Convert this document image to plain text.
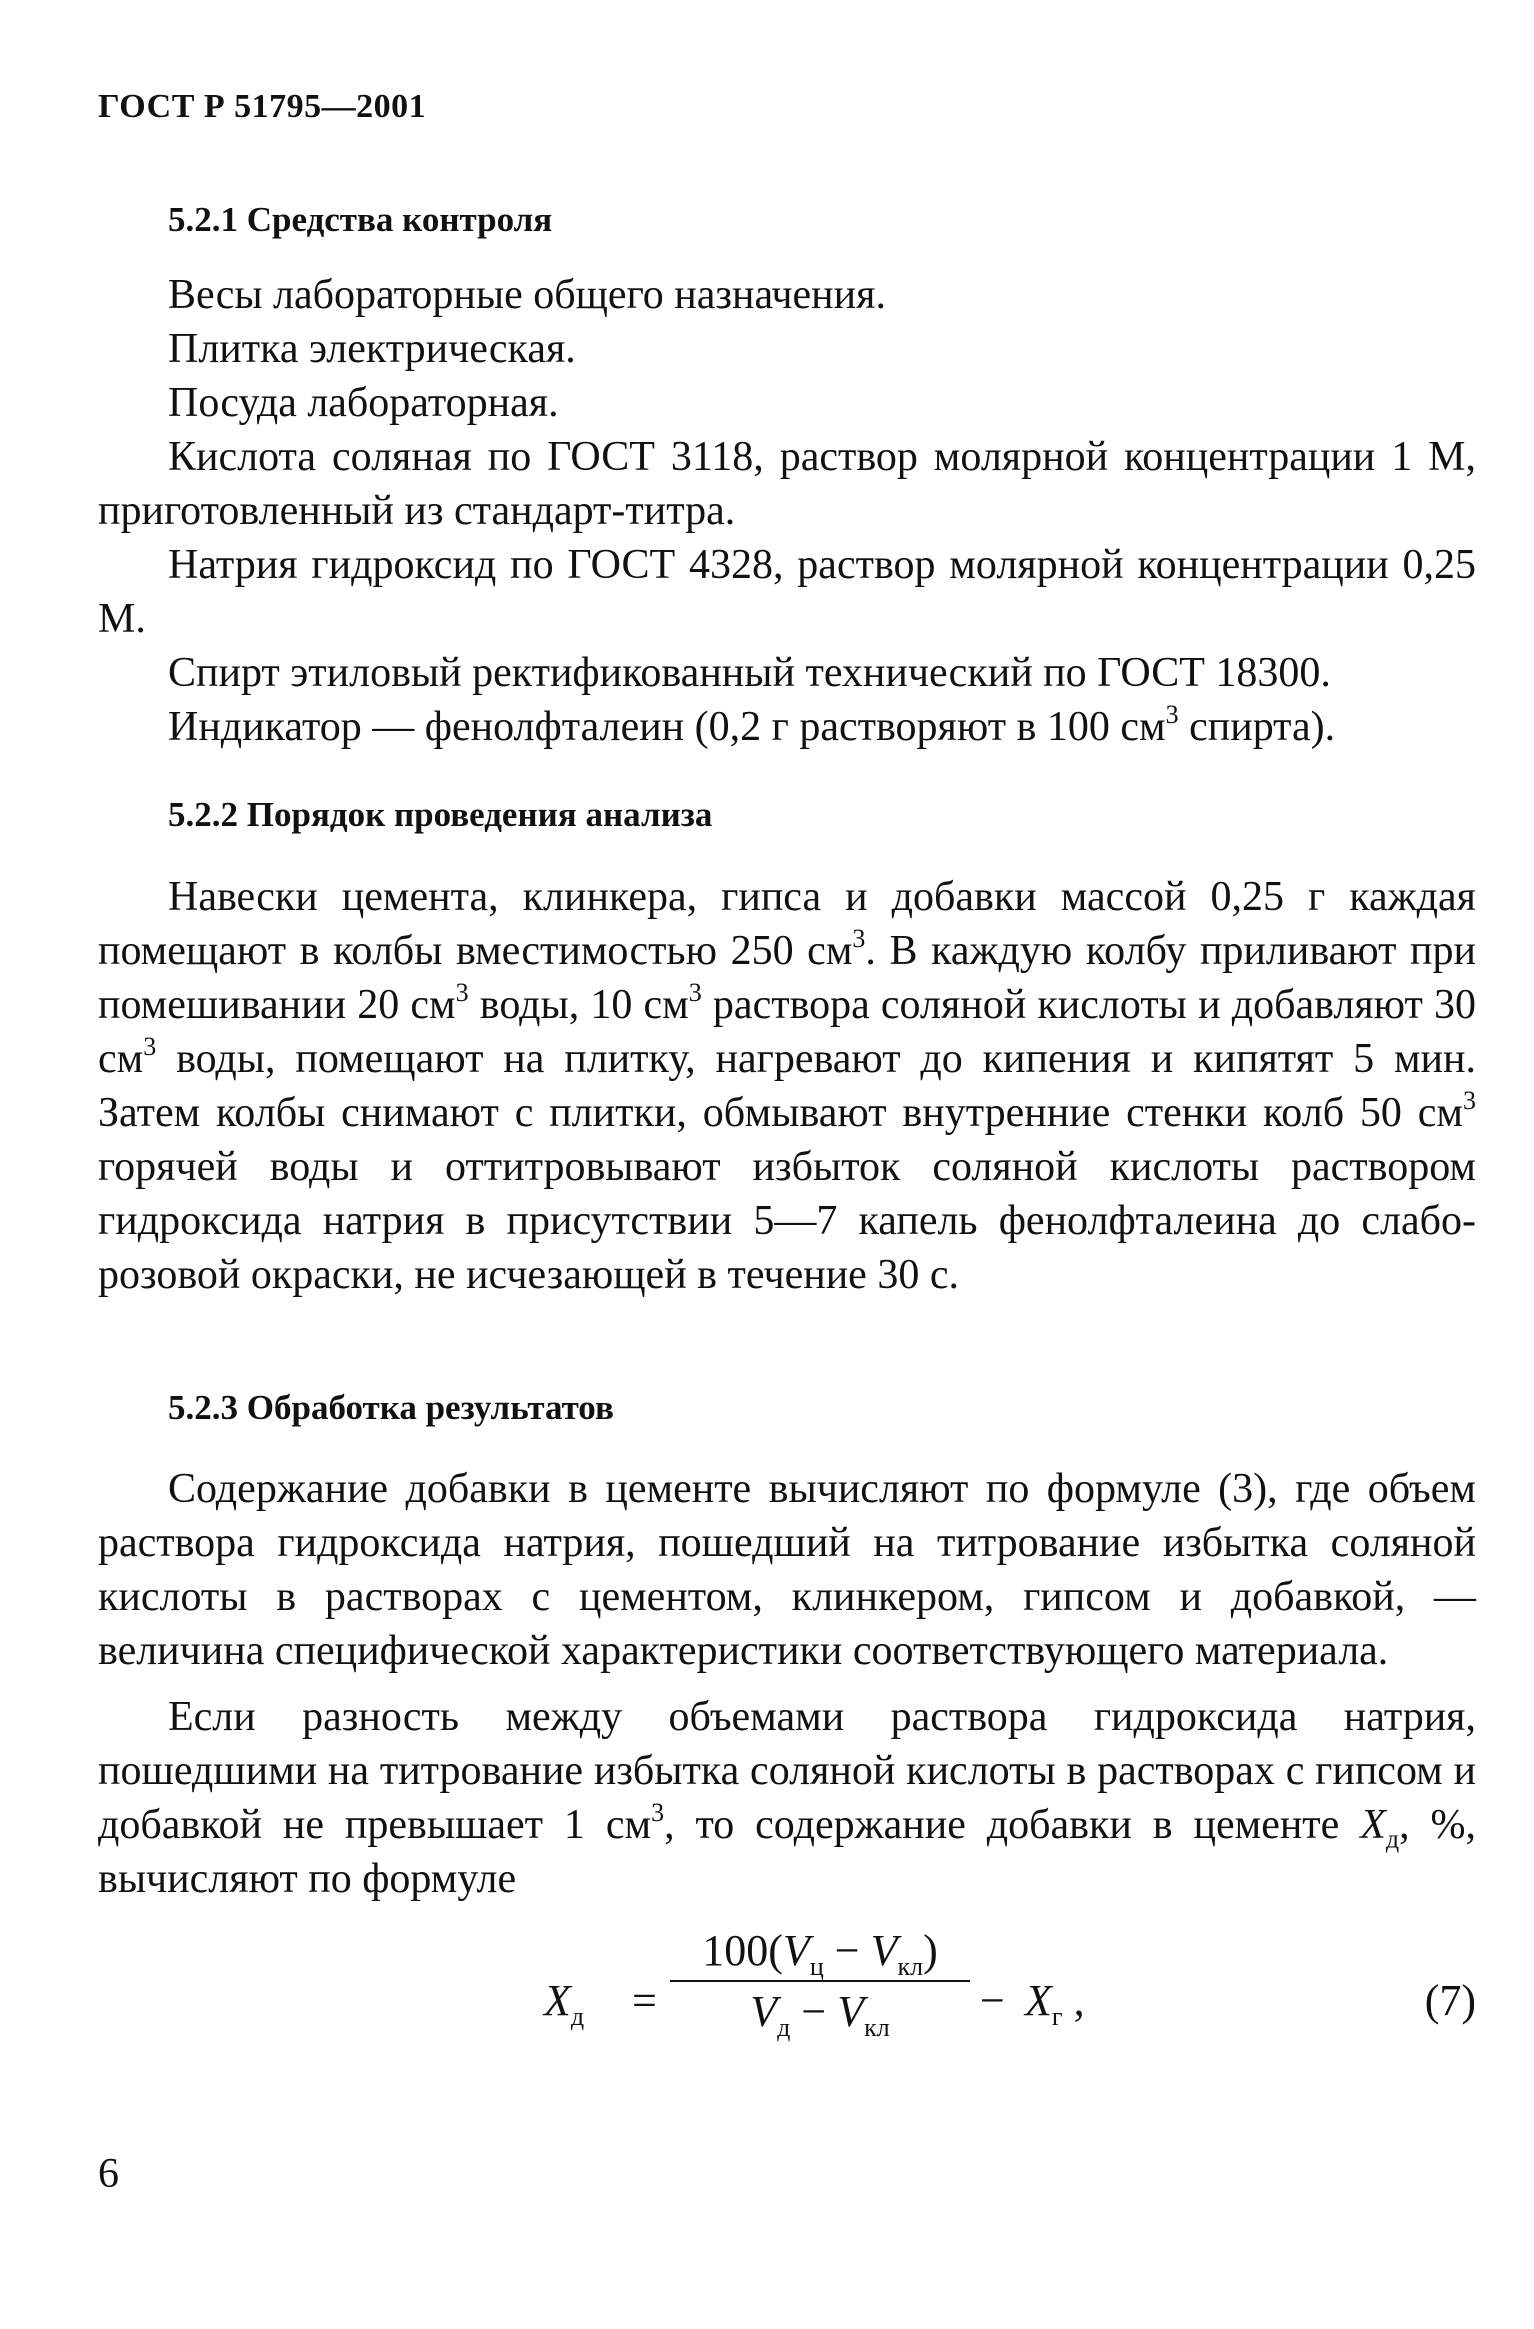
ГОСТ Р 51795—2001
5.2.1 Средства контроля

Весы лабораторные общего назначения.

Плитка электрическая.

Посуда лабораторная.

Кислота соляная по ГОСТ 3118, раствор молярной концентрации 1 М, приготовленный из стандарт-титра.

Натрия гидроксид по ГОСТ 4328, раствор молярной концентрации 0,25 М.

Спирт этиловый ректификованный технический по ГОСТ 18300.

Индикатор — фенолфталеин (0,2 г растворяют в 100 $см^3$ спирта).

5.2.2 Порядок проведения анализа

Навески цемента, клинкера, гипса и добавки массой 0,25 г каждая помещают в колбы вместимостью 250 $см^3$. В каждую колбу приливают при помешивании 20 $см^3$ воды, 10 $см^3$ раствора соляной кислоты и добавляют 30 $см^3$ воды, помещают на плитку, нагревают до кипения и кипятят 5 мин. Затем колбы снимают с плитки, обмывают внутренние стенки колб 50 $см^3$ горячей воды и оттитровывают избыток соляной кислоты раствором гидроксида натрия в присутствии 5—7 капель фенолфталеина до слабо-розовой окраски, не исчезающей в течение 30 с.

5.2.3 Обработка результатов

Содержание добавки в цементе вычисляют по формуле (3), где объем раствора гидроксида натрия, пошедший на титрование избытка соляной кислоты в растворах с цементом, клинкером, гипсом и добавкой, — величина специфической характеристики соответствующего материала.

Если разность между объемами раствора гидроксида натрия, пошедшими на титрование избытка соляной кислоты в растворах с гипсом и добавкой не превышает 1 $см^3$, то содержание добавки в цементе $X_д$, %, вычисляют по формуле

$X_д$ =
$100(V_ц - V_{кл})$
$V_д - V_{кл}$
− $X_г$ ,	(7)
6
